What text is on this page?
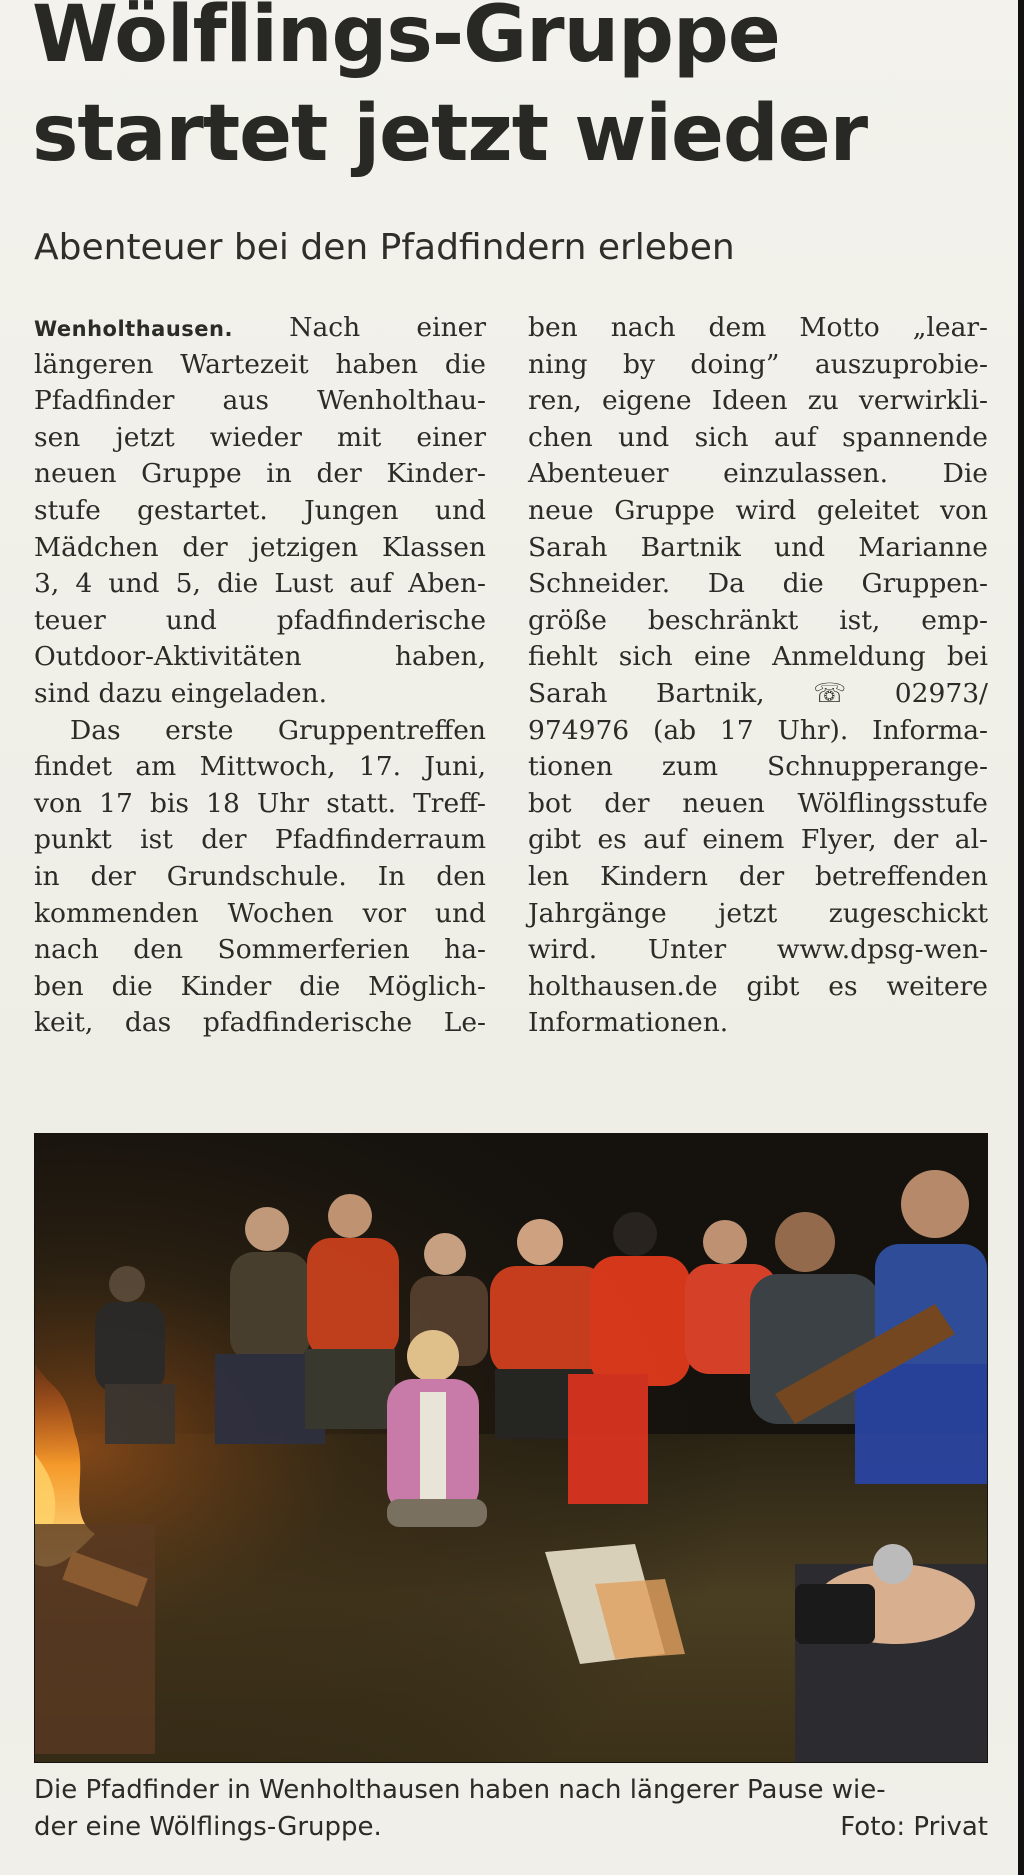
Wölflings-Gruppe
startet jetzt wieder
Abenteuer bei den Pfadfindern erleben
Wenholthausen. Nach einer
längeren Wartezeit haben die
Pfadfinder aus Wenholthau-
sen jetzt wieder mit einer
neuen Gruppe in der Kinder-
stufe gestartet. Jungen und
Mädchen der jetzigen Klassen
3, 4 und 5, die Lust auf Aben-
teuer und pfadfinderische
Outdoor-Aktivitäten haben,
sind dazu eingeladen.
Das erste Gruppentreffen
findet am Mittwoch, 17. Juni,
von 17 bis 18 Uhr statt. Treff-
punkt ist der Pfadfinderraum
in der Grundschule. In den
kommenden Wochen vor und
nach den Sommerferien ha-
ben die Kinder die Möglich-
keit, das pfadfinderische Le-
ben nach dem Motto „lear-
ning by doing” auszuprobie-
ren, eigene Ideen zu verwirkli-
chen und sich auf spannende
Abenteuer einzulassen. Die
neue Gruppe wird geleitet von
Sarah Bartnik und Marianne
Schneider. Da die Gruppen-
größe beschränkt ist, emp-
fiehlt sich eine Anmeldung bei
Sarah Bartnik, ☏ 02973/
974976 (ab 17 Uhr). Informa-
tionen zum Schnupperange-
bot der neuen Wölflingsstufe
gibt es auf einem Flyer, der al-
len Kindern der betreffenden
Jahrgänge jetzt zugeschickt
wird. Unter www.dpsg-wen-
holthausen.de gibt es weitere
Informationen.
Die Pfadfinder in Wenholthausen haben nach längerer Pause wie-
der eine Wölflings-Gruppe.	Foto: Privat
